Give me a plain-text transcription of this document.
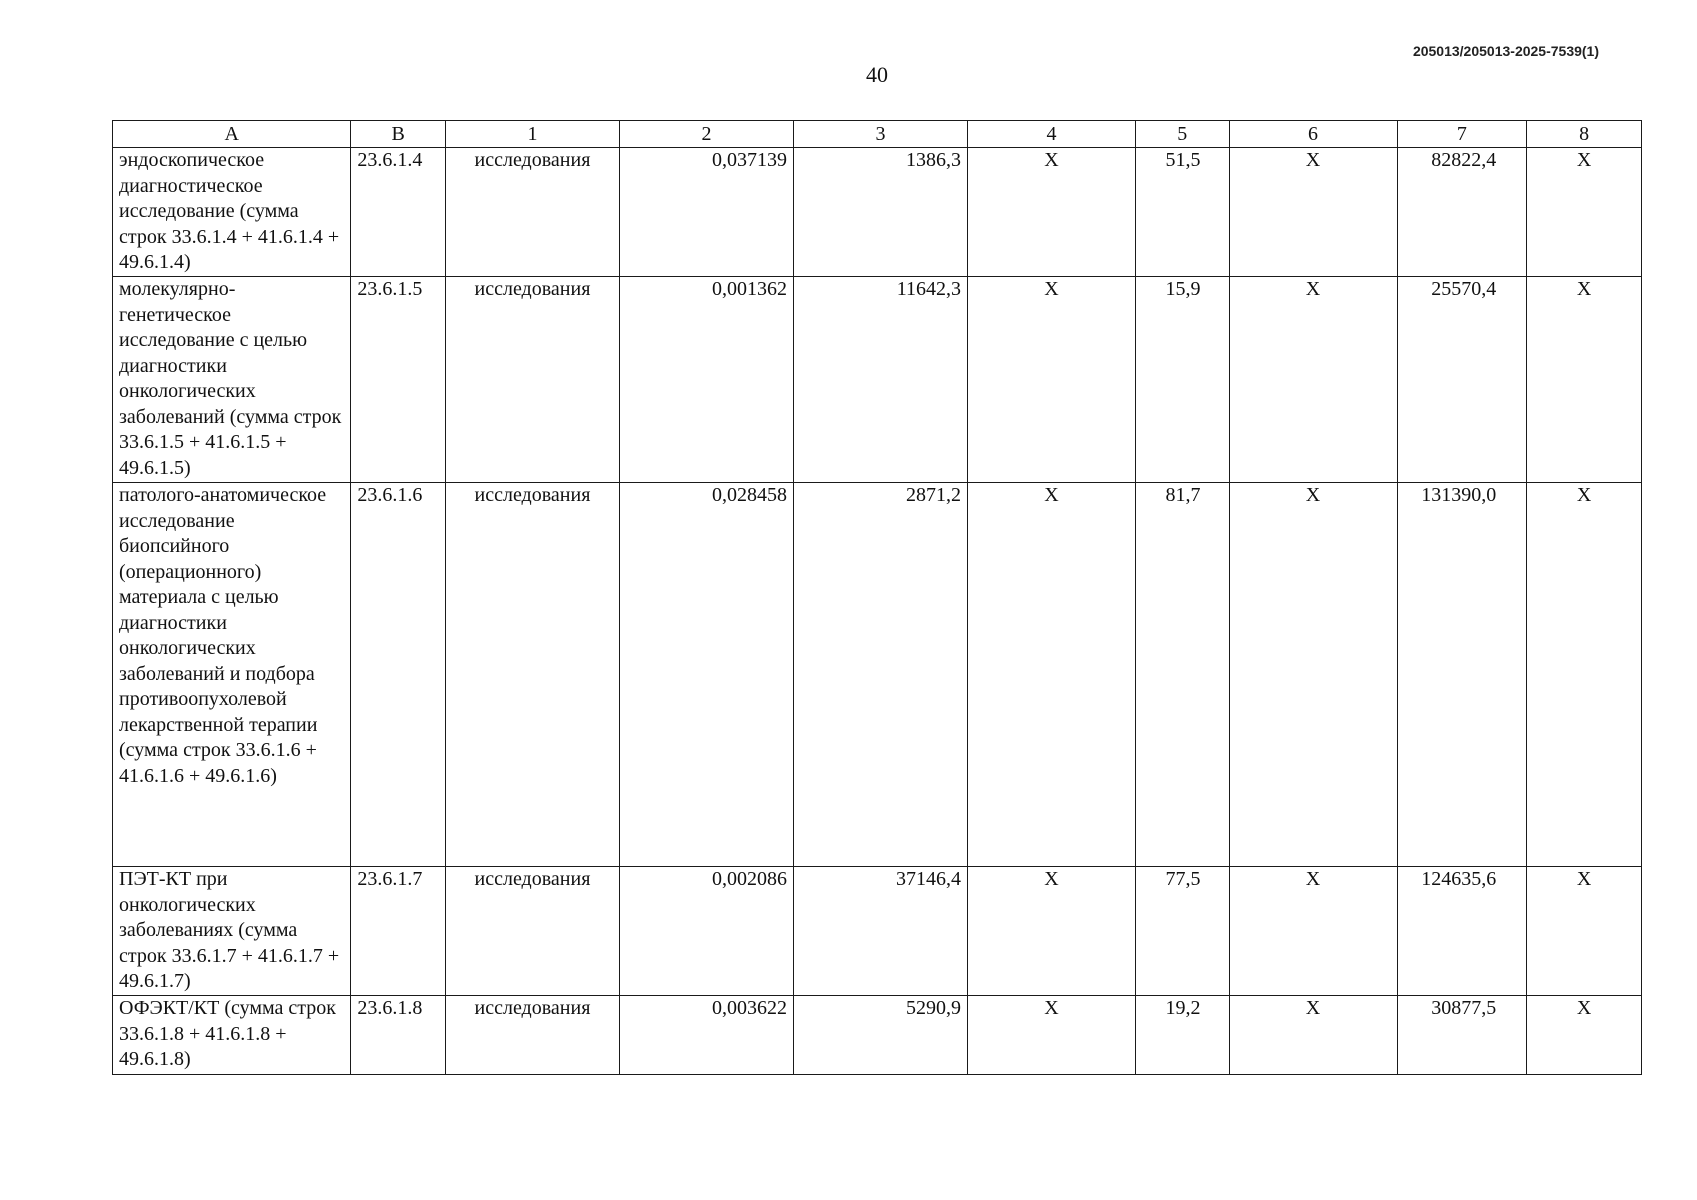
205013/205013-2025-7539(1)
40
А	В	1	2	3	4	5	6	7	8
эндоскопическое диагностическое исследование (сумма строк 33.6.1.4 + 41.6.1.4 + 49.6.1.4)	23.6.1.4	исследования	0,037139	1386,3	X	51,5	X	82822,4	X
молекулярно-генетическое исследование с целью диагностики онкологических заболеваний (сумма строк 33.6.1.5 + 41.6.1.5 + 49.6.1.5)	23.6.1.5	исследования	0,001362	11642,3	X	15,9	X	25570,4	X
патолого-анатомическое исследование биопсийного (операционного) материала с целью диагностики онкологических заболеваний и подбора противоопухолевой лекарственной терапии (сумма строк 33.6.1.6 + 41.6.1.6 + 49.6.1.6)	23.6.1.6	исследования	0,028458	2871,2	X	81,7	X	131390,0	X
ПЭТ-КТ при онкологических заболеваниях (сумма строк 33.6.1.7 + 41.6.1.7 + 49.6.1.7)	23.6.1.7	исследования	0,002086	37146,4	X	77,5	X	124635,6	X
ОФЭКТ/КТ (сумма строк 33.6.1.8 + 41.6.1.8 + 49.6.1.8)	23.6.1.8	исследования	0,003622	5290,9	X	19,2	X	30877,5	X
